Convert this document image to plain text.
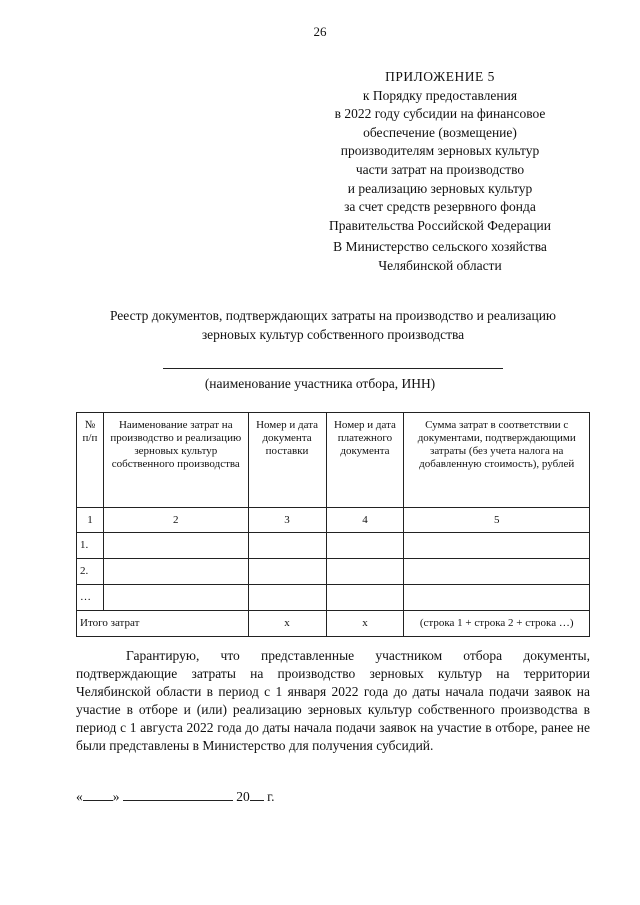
26
ПРИЛОЖЕНИЕ 5
к Порядку предоставления
в 2022 году субсидии на финансовое
обеспечение (возмещение)
производителям зерновых культур
части затрат на производство
и реализацию зерновых культур
за счет средств резервного фонда
Правительства Российской Федерации
В Министерство сельского хозяйства
Челябинской области
Реестр документов, подтверждающих затраты на производство и реализацию
зерновых культур собственного производства
(наименование участника отбора, ИНН)
№ п/п	Наименование затрат на производство и реализацию зерновых культур собственного производства	Номер и дата документа поставки	Номер и дата платежного документа	Сумма затрат в соответствии с документами, подтверждающими затраты (без учета налога на добавленную стоимость), рублей
1	2	3	4	5
1.				
2.				
…				
Итого затрат		х	х	(строка 1 + строка 2 + строка …)
Гарантирую, что представленные участником отбора документы, подтверждающие затраты на производство зерновых культур на территории Челябинской области в период с 1 января 2022 года до даты начала подачи заявок на участие в отборе и (или) реализацию зерновых культур собственного производства в период с 1 августа 2022 года до даты начала подачи заявок на участие в отборе, ранее не были представлены в Министерство для получения субсидий.
« »	20 г.
